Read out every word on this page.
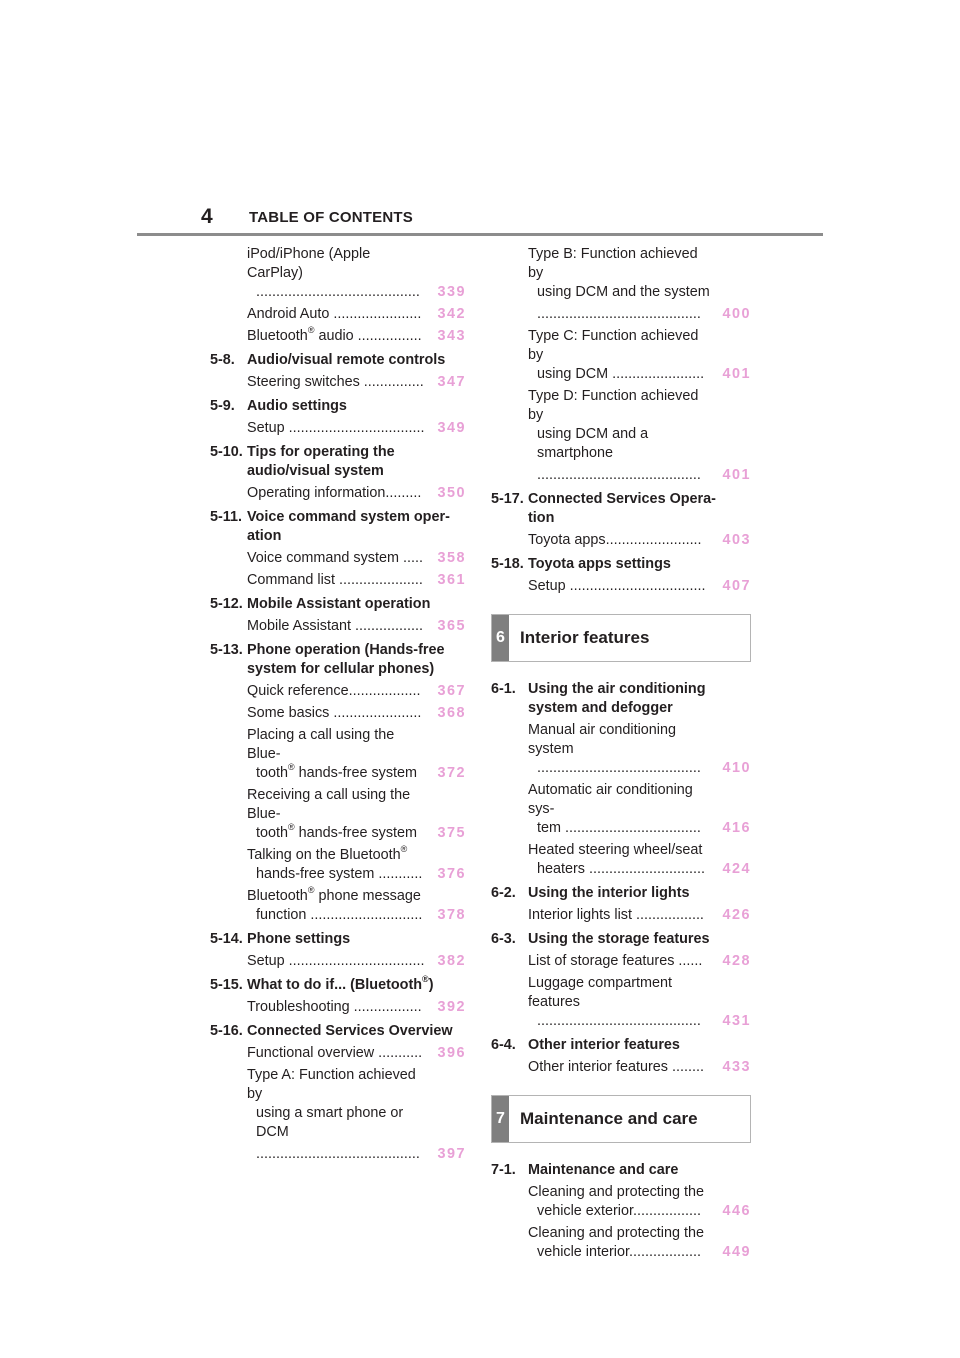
4 TABLE OF CONTENTS
iPod/iPhone (Apple CarPlay)
.........................................	339
Android Auto ......................	342
Bluetooth® audio ................	343
5-8. Audio/visual remote controls
Steering switches ............... 347
5-9. Audio settings
Setup .................................. 349
5-10. Tips for operating the
audio/visual system
Operating information.........	350
5-11. Voice command system oper-
ation
Voice command system .....	358
Command list .....................	361
5-12. Mobile Assistant operation
Mobile Assistant .................	365
5-13. Phone operation (Hands-free
system for cellular phones)
Quick reference..................	367
Some basics ......................	368
Placing a call using the Blue-
tooth® hands-free system	372
Receiving a call using the Blue-
tooth® hands-free system	375
Talking on the Bluetooth®
hands-free system ...........	376
Bluetooth® phone message
function ............................	378
5-14. Phone settings
Setup .................................. 382
5-15. What to do if... (Bluetooth®)
Troubleshooting .................	392
5-16. Connected Services Overview
Functional overview ...........	396
Type A: Function achieved by
using a smart phone or DCM
.........................................	397
Type B: Function achieved by
using DCM and the system
.........................................	400
Type C: Function achieved by
using DCM .......................	401
Type D: Function achieved by
using DCM and a smartphone
.........................................	401
5-17. Connected Services Opera-
tion
Toyota apps........................	403
5-18. Toyota apps settings
Setup ..................................	407
6 Interior features
6-1. Using the air conditioning
system and defogger
Manual air conditioning system
.........................................	410
Automatic air conditioning sys-
tem ..................................	416
Heated steering wheel/seat
heaters .............................	424
6-2. Using the interior lights
Interior lights list .................	426
6-3. Using the storage features
List of storage features ......	428
Luggage compartment features
.........................................	431
6-4. Other interior features
Other interior features ........	433
7 Maintenance and care
7-1. Maintenance and care
Cleaning and protecting the
vehicle exterior.................	446
Cleaning and protecting the
vehicle interior..................	449
